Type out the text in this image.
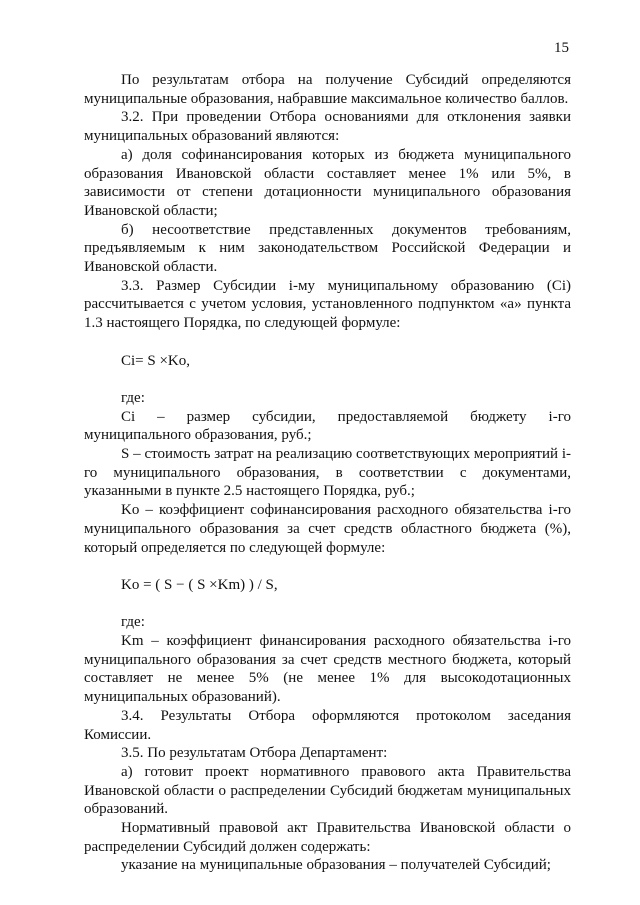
15

По результатам отбора на получение Субсидий определяются муниципальные образования, набравшие максимальное количество баллов.

3.2. При проведении Отбора основаниями для отклонения заявки муниципальных образований являются:

а) доля софинансирования которых из бюджета муниципального образования Ивановской области составляет менее 1% или 5%, в зависимости от степени дотационности муниципального образования Ивановской области;

б) несоответствие представленных документов требованиям, предъявляемым к ним законодательством Российской Федерации и Ивановской области.

3.3. Размер Субсидии i-му муниципальному образованию (Ci) рассчитывается с учетом условия, установленного подпунктом «а» пункта 1.3 настоящего Порядка, по следующей формуле:

Ci= S ×Ko,

где:

Ci – размер субсидии, предоставляемой бюджету i-го муниципального образования, руб.;

S – стоимость затрат на реализацию соответствующих мероприятий i-го муниципального образования, в соответствии с документами, указанными в пункте 2.5 настоящего Порядка, руб.;

Ko – коэффициент софинансирования расходного обязательства i-го муниципального образования за счет средств областного бюджета (%), который определяется по следующей формуле:

Ko = ( S − ( S ×Km) ) / S,

где:

Km – коэффициент финансирования расходного обязательства i-го муниципального образования за счет средств местного бюджета, который составляет не менее 5% (не менее 1% для высокодотационных муниципальных образований).

3.4. Результаты Отбора оформляются протоколом заседания Комиссии.

3.5. По результатам Отбора Департамент:

а) готовит проект нормативного правового акта Правительства Ивановской области о распределении Субсидий бюджетам муниципальных образований.

Нормативный правовой акт Правительства Ивановской области о распределении Субсидий должен содержать:

указание на муниципальные образования – получателей Субсидий;
